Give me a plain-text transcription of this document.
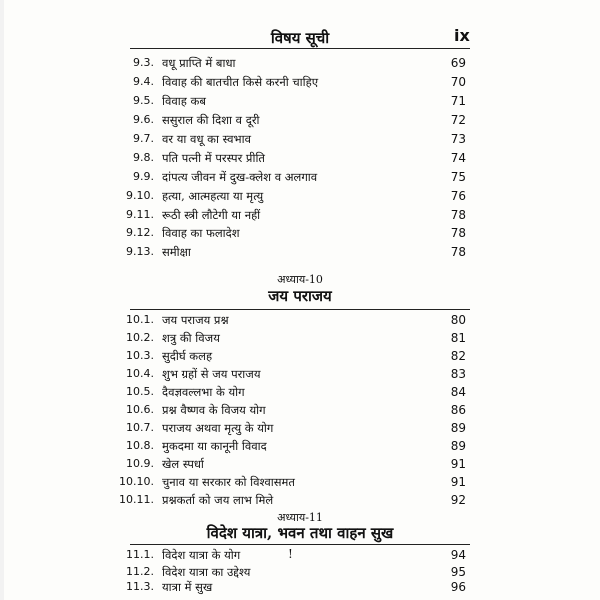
विषय सूची	ix
9.3. वधू प्राप्ति में बाधा	69
9.4. विवाह की बातचीत किसे करनी चाहिए	70
9.5. विवाह कब	71
9.6. ससुराल की दिशा व दूरी	72
9.7. वर या वधू का स्वभाव	73
9.8. पति पत्नी में परस्पर प्रीति	74
9.9. दांपत्य जीवन में दुख-क्लेश व अलगाव	75
9.10. हत्या, आत्महत्या या मृत्यु	76
9.11. रूठी स्त्री लौटेगी या नहीं	78
9.12. विवाह का फलादेश	78
9.13. समीक्षा	78
अध्याय-10
जय पराजय
10.1. जय पराजय प्रश्न	80
10.2. शत्रु की विजय	81
10.3. सुदीर्घ कलह	82
10.4. शुभ ग्रहों से जय पराजय	83
10.5. दैवज्ञवल्लभा के योग	84
10.6. प्रश्न वैष्णव के विजय योग	86
10.7. पराजय अथवा मृत्यु के योग	89
10.8. मुकदमा या कानूनी विवाद	89
10.9. खेल स्पर्धा	91
10.10. चुनाव या सरकार को विश्वासमत	91
10.11. प्रश्नकर्ता को जय लाभ मिले	92
अध्याय-11
विदेश यात्रा, भवन तथा वाहन सुख
11.1. विदेश यात्रा के योग	94
11.2. विदेश यात्रा का उद्देश्य	95
11.3. यात्रा में सुख	96
!
